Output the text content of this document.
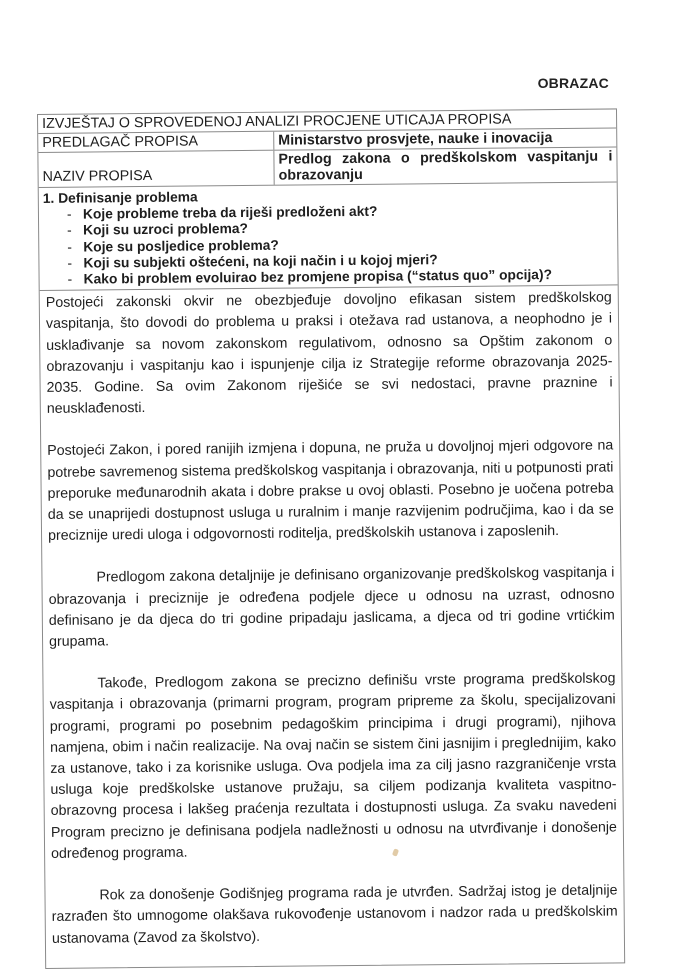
OBRAZAC
IZVJEŠTAJ O SPROVEDENOJ ANALIZI PROCJENE UTICAJA PROPISA
PREDLAGAČ PROPISA	Ministarstvo prosvjete, nauke i inovacija
NAZIV PROPISA
Predlog zakona o predškolskom vaspitanju i obrazovanju
1. Definisanje problema
- Koje probleme treba da riješi predloženi akt?
- Koji su uzroci problema?
- Koje su posljedice problema?
- Koji su subjekti oštećeni, na koji način i u kojoj mjeri?
- Kako bi problem evoluirao bez promjene propisa (“status quo” opcija)?

Postojeći zakonski okvir ne obezbjeđuje dovoljno efikasan sistem predškolskog vaspitanja, što dovodi do problema u praksi i otežava rad ustanova, a neophodno je i usklađivanje sa novom zakonskom regulativom, odnosno sa Opštim zakonom o obrazovanju i vaspitanju kao i ispunjenje cilja iz Strategije reforme obrazovanja 2025-2035. Godine. Sa ovim Zakonom riješiće se svi nedostaci, pravne praznine i neusklađenosti.

Postojeći Zakon, i pored ranijih izmjena i dopuna, ne pruža u dovoljnoj mjeri odgovore na potrebe savremenog sistema predškolskog vaspitanja i obrazovanja, niti u potpunosti prati preporuke međunarodnih akata i dobre prakse u ovoj oblasti. Posebno je uočena potreba da se unaprijedi dostupnost usluga u ruralnim i manje razvijenim područjima, kao i da se preciznije uredi uloga i odgovornosti roditelja, predškolskih ustanova i zaposlenih.

Predlogom zakona detaljnije je definisano organizovanje predškolskog vaspitanja i obrazovanja i preciznije je određena podjele djece u odnosu na uzrast, odnosno definisano je da djeca do tri godine pripadaju jaslicama, a djeca od tri godine vrtićkim grupama.

Takođe, Predlogom zakona se precizno definišu vrste programa predškolskog vaspitanja i obrazovanja (primarni program, program pripreme za školu, specijalizovani programi, programi po posebnim pedagoškim principima i drugi programi), njihova namjena, obim i način realizacije. Na ovaj način se sistem čini jasnijim i preglednijim, kako za ustanove, tako i za korisnike usluga. Ova podjela ima za cilj jasno razgraničenje vrsta usluga koje predškolske ustanove pružaju, sa ciljem podizanja kvaliteta vaspitno-obrazovng procesa i lakšeg praćenja rezultata i dostupnosti usluga. Za svaku navedeni Program precizno je definisana podjela nadležnosti u odnosu na utvrđivanje i donošenje određenog programa.

Rok za donošenje Godišnjeg programa rada je utvrđen. Sadržaj istog je detaljnije razrađen što umnogome olakšava rukovođenje ustanovom i nadzor rada u predškolskim ustanovama (Zavod za školstvo).
